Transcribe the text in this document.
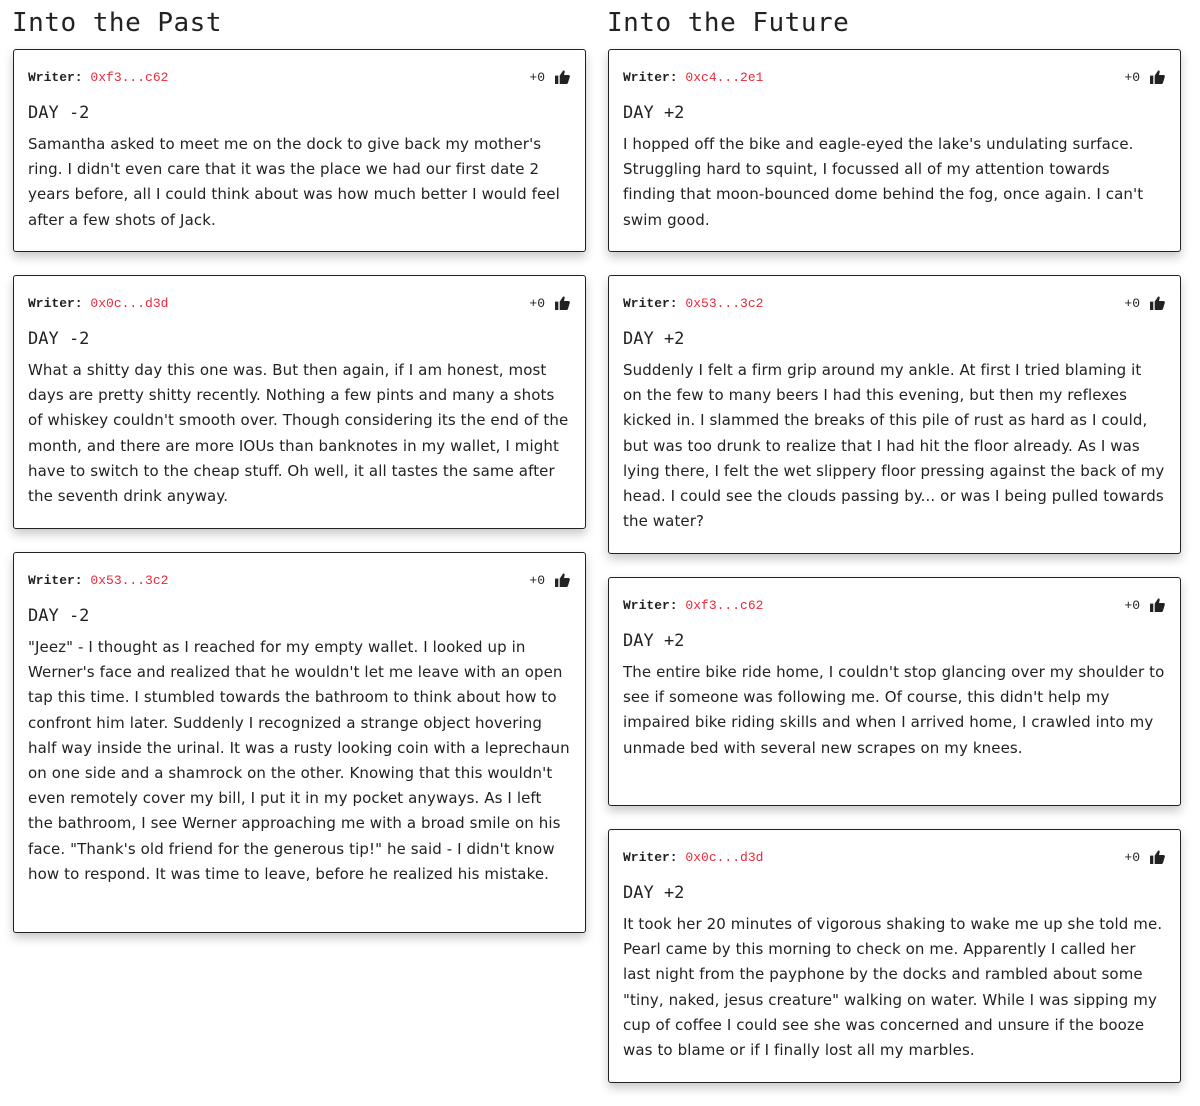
Into the Past
Writer: 0xf3...c62	+0
DAY -2

Samantha asked to meet me on the dock to give back my mother's ring. I didn't even care that it was the place we had our first date 2 years before, all I could think about was how much better I would feel after a few shots of Jack.

Writer: 0x0c...d3d	+0
DAY -2

What a shitty day this one was. But then again, if I am honest, most days are pretty shitty recently. Nothing a few pints and many a shots of whiskey couldn't smooth over. Though considering its the end of the month, and there are more IOUs than banknotes in my wallet, I might have to switch to the cheap stuff. Oh well, it all tastes the same after the seventh drink anyway.

Writer: 0x53...3c2	+0
DAY -2

"Jeez" - I thought as I reached for my empty wallet. I looked up in Werner's face and realized that he wouldn't let me leave with an open tap this time. I stumbled towards the bathroom to think about how to confront him later. Suddenly I recognized a strange object hovering half way inside the urinal. It was a rusty looking coin with a leprechaun on one side and a shamrock on the other. Knowing that this wouldn't even remotely cover my bill, I put it in my pocket anyways. As I left the bathroom, I see Werner approaching me with a broad smile on his face. "Thank's old friend for the generous tip!" he said - I didn't know how to respond. It was time to leave, before he realized his mistake.

Into the Future
Writer: 0xc4...2e1	+0
DAY +2

I hopped off the bike and eagle-eyed the lake's undulating surface. Struggling hard to squint, I focussed all of my attention towards finding that moon-bounced dome behind the fog, once again. I can't swim good.

Writer: 0x53...3c2	+0
DAY +2

Suddenly I felt a firm grip around my ankle. At first I tried blaming it on the few to many beers I had this evening, but then my reflexes kicked in. I slammed the breaks of this pile of rust as hard as I could, but was too drunk to realize that I had hit the floor already. As I was lying there, I felt the wet slippery floor pressing against the back of my head. I could see the clouds passing by... or was I being pulled towards the water?

Writer: 0xf3...c62	+0
DAY +2

The entire bike ride home, I couldn't stop glancing over my shoulder to see if someone was following me. Of course, this didn't help my impaired bike riding skills and when I arrived home, I crawled into my unmade bed with several new scrapes on my knees.

Writer: 0x0c...d3d	+0
DAY +2

It took her 20 minutes of vigorous shaking to wake me up she told me. Pearl came by this morning to check on me. Apparently I called her last night from the payphone by the docks and rambled about some "tiny, naked, jesus creature" walking on water. While I was sipping my cup of coffee I could see she was concerned and unsure if the booze was to blame or if I finally lost all my marbles.
